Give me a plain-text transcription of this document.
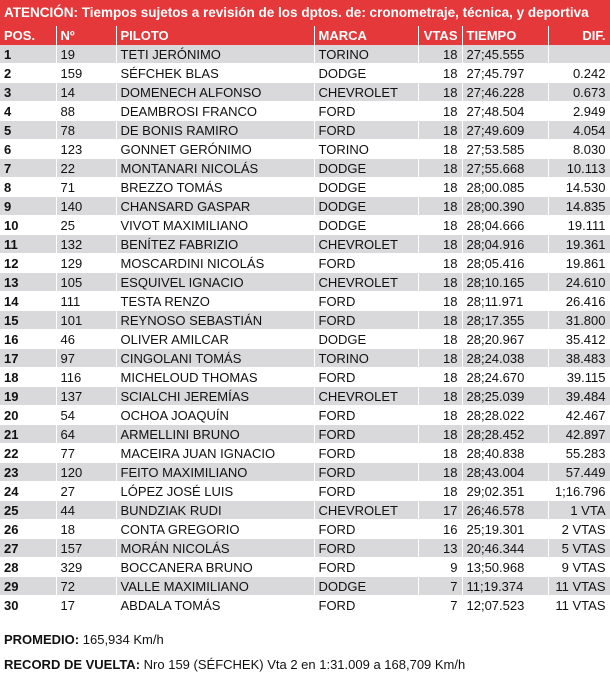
ATENCIÓN: Tiempos sujetos a revisión de los dptos. de: cronometraje, técnica, y deportiva
POS.	Nº	PILOTO	MARCA	VTAS	TIEMPO	DIF.
1	19	TETI JERÓNIMO	TORINO	18	27;45.555	
2	159	SÉFCHEK BLAS	DODGE	18	27;45.797	0.242
3	14	DOMENECH ALFONSO	CHEVROLET	18	27;46.228	0.673
4	88	DEAMBROSI FRANCO	FORD	18	27;48.504	2.949
5	78	DE BONIS RAMIRO	FORD	18	27;49.609	4.054
6	123	GONNET GERÓNIMO	TORINO	18	27;53.585	8.030
7	22	MONTANARI NICOLÁS	DODGE	18	27;55.668	10.113
8	71	BREZZO TOMÁS	DODGE	18	28;00.085	14.530
9	140	CHANSARD GASPAR	DODGE	18	28;00.390	14.835
10	25	VIVOT MAXIMILIANO	DODGE	18	28;04.666	19.111
11	132	BENÍTEZ FABRIZIO	CHEVROLET	18	28;04.916	19.361
12	129	MOSCARDINI NICOLÁS	FORD	18	28;05.416	19.861
13	105	ESQUIVEL IGNACIO	CHEVROLET	18	28;10.165	24.610
14	111	TESTA RENZO	FORD	18	28;11.971	26.416
15	101	REYNOSO SEBASTIÁN	FORD	18	28;17.355	31.800
16	46	OLIVER AMILCAR	DODGE	18	28;20.967	35.412
17	97	CINGOLANI TOMÁS	TORINO	18	28;24.038	38.483
18	116	MICHELOUD THOMAS	FORD	18	28;24.670	39.115
19	137	SCIALCHI JEREMÍAS	CHEVROLET	18	28;25.039	39.484
20	54	OCHOA JOAQUÍN	FORD	18	28;28.022	42.467
21	64	ARMELLINI BRUNO	FORD	18	28;28.452	42.897
22	77	MACEIRA JUAN IGNACIO	FORD	18	28;40.838	55.283
23	120	FEITO MAXIMILIANO	FORD	18	28;43.004	57.449
24	27	LÓPEZ JOSÉ LUIS	FORD	18	29;02.351	1;16.796
25	44	BUNDZIAK RUDI	CHEVROLET	17	26;46.578	1 VTA
26	18	CONTA GREGORIO	FORD	16	25;19.301	2 VTAS
27	157	MORÁN NICOLÁS	FORD	13	20;46.344	5 VTAS
28	329	BOCCANERA BRUNO	FORD	9	13;50.968	9 VTAS
29	72	VALLE MAXIMILIANO	DODGE	7	11;19.374	11 VTAS
30	17	ABDALA TOMÁS	FORD	7	12;07.523	11 VTAS
PROMEDIO: 165,934 Km/h
RECORD DE VUELTA: Nro 159 (SÉFCHEK) Vta 2 en 1:31.009 a 168,709 Km/h
